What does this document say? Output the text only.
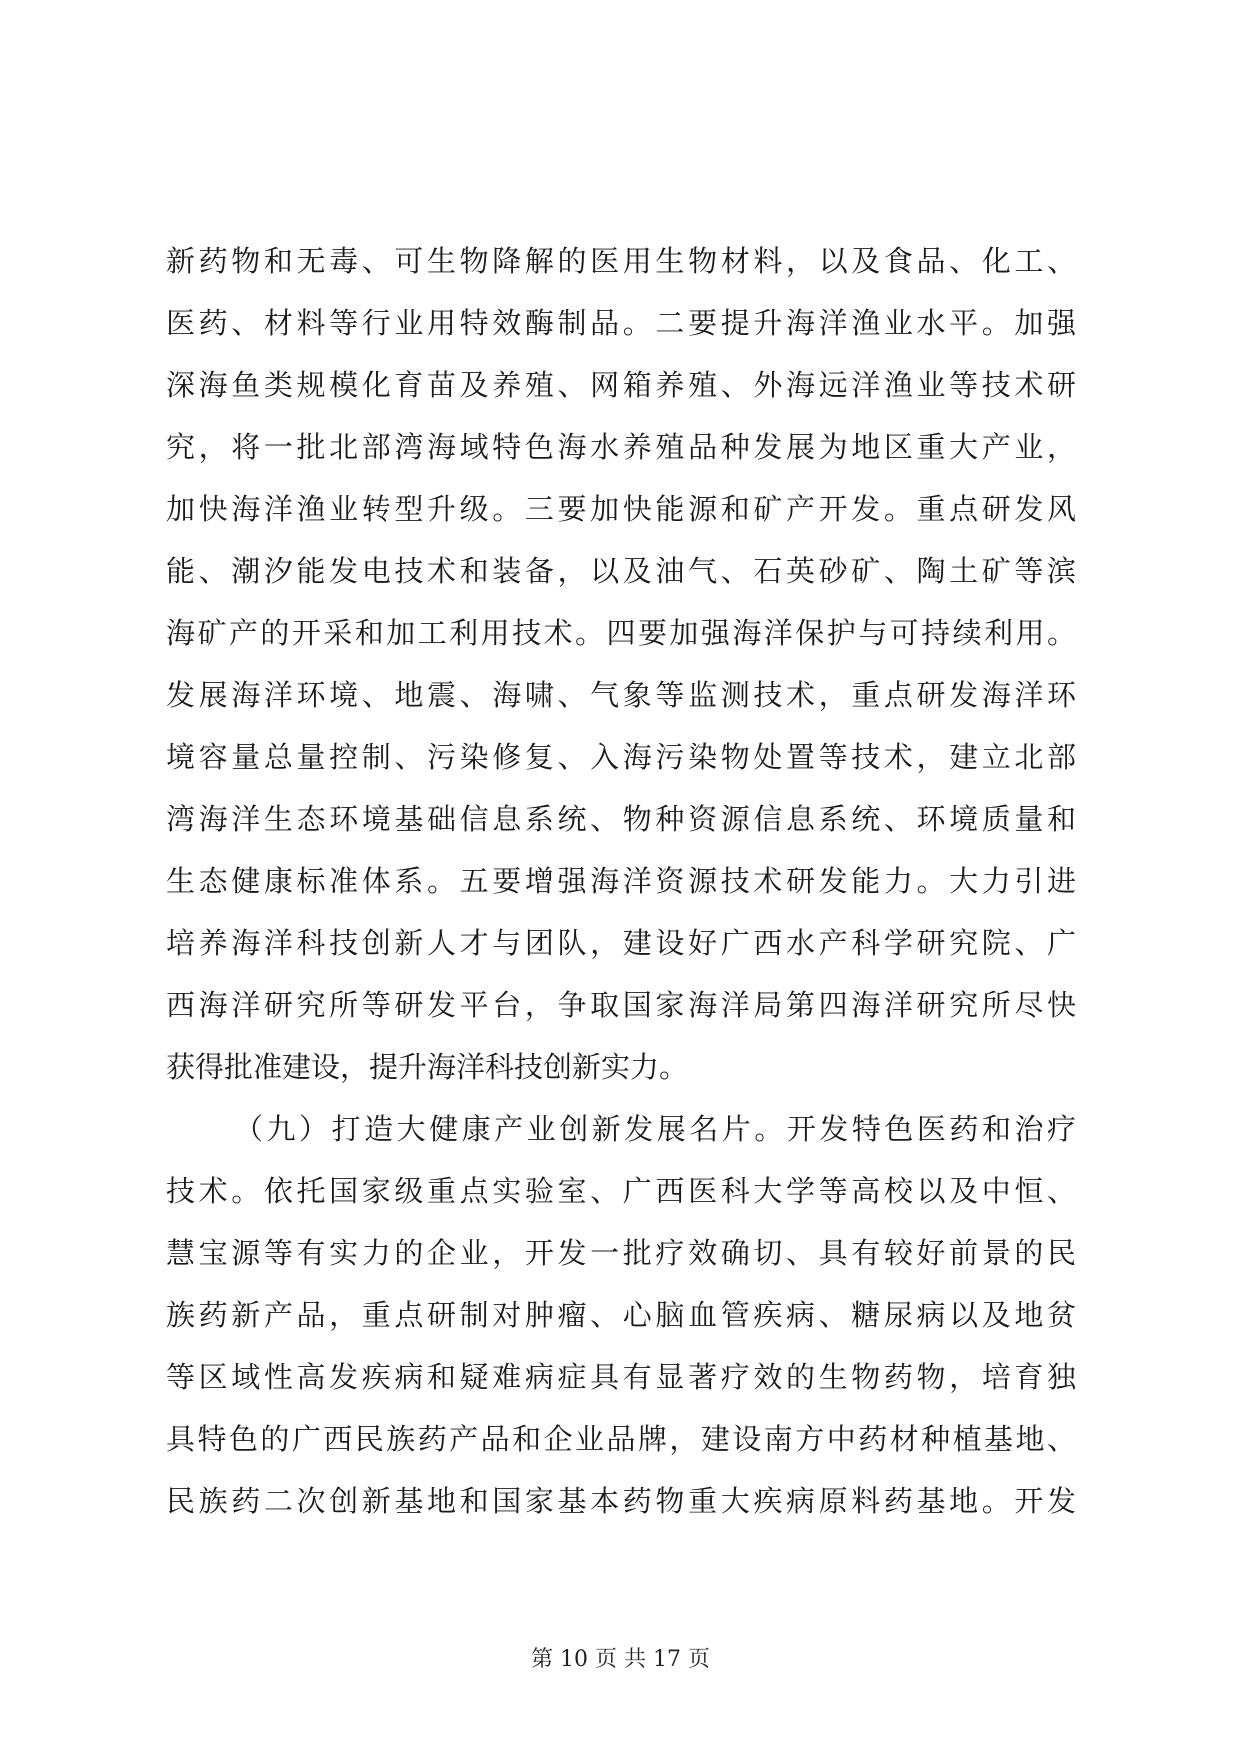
新药物和无毒、可生物降解的医用生物材料，以及食品、化工、
医药、材料等行业用特效酶制品。二要提升海洋渔业水平。加强
深海鱼类规模化育苗及养殖、网箱养殖、外海远洋渔业等技术研
究，将一批北部湾海域特色海水养殖品种发展为地区重大产业，
加快海洋渔业转型升级。三要加快能源和矿产开发。重点研发风
能、潮汐能发电技术和装备，以及油气、石英砂矿、陶土矿等滨
海矿产的开采和加工利用技术。四要加强海洋保护与可持续利用。
发展海洋环境、地震、海啸、气象等监测技术，重点研发海洋环
境容量总量控制、污染修复、入海污染物处置等技术，建立北部
湾海洋生态环境基础信息系统、物种资源信息系统、环境质量和
生态健康标准体系。五要增强海洋资源技术研发能力。大力引进
培养海洋科技创新人才与团队，建设好广西水产科学研究院、广
西海洋研究所等研发平台，争取国家海洋局第四海洋研究所尽快
获得批准建设，提升海洋科技创新实力。
（九）打造大健康产业创新发展名片。开发特色医药和治疗
技术。依托国家级重点实验室、广西医科大学等高校以及中恒、
慧宝源等有实力的企业，开发一批疗效确切、具有较好前景的民
族药新产品，重点研制对肿瘤、心脑血管疾病、糖尿病以及地贫
等区域性高发疾病和疑难病症具有显著疗效的生物药物，培育独
具特色的广西民族药产品和企业品牌，建设南方中药材种植基地、
民族药二次创新基地和国家基本药物重大疾病原料药基地。开发
第 10 页 共 17 页
